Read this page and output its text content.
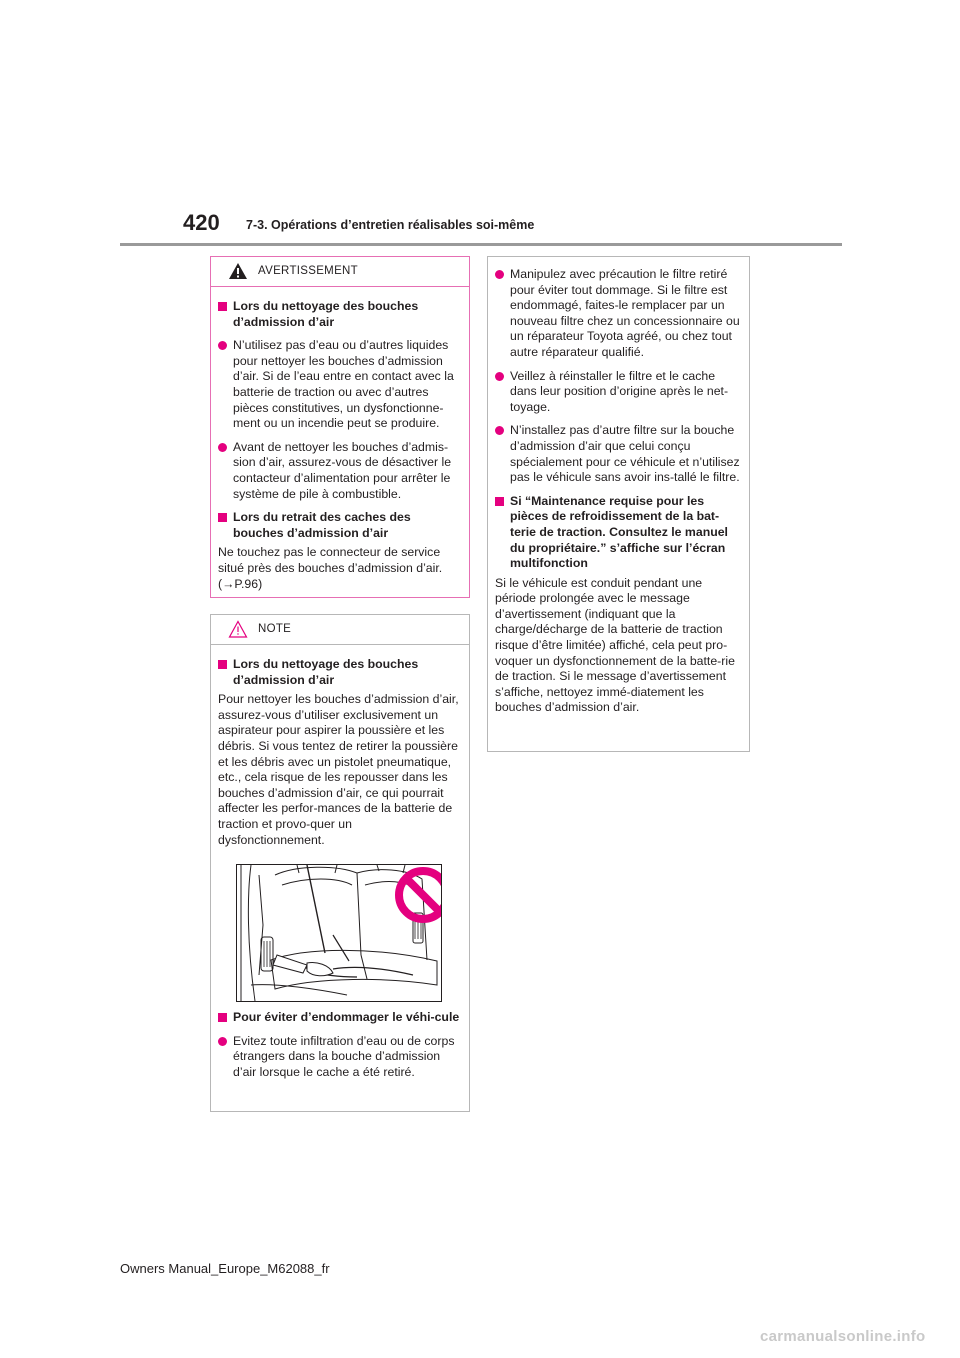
420 7-3. Opérations d’entretien réalisables soi-même
AVERTISSEMENT
Lors du nettoyage des bouches d’admission d’air
N’utilisez pas d’eau ou d’autres liquides pour nettoyer les bouches d’admission d’air. Si de l’eau entre en contact avec la batterie de traction ou avec d’autres pièces constitutives, un dysfonctionne-ment ou un incendie peut se produire.
Avant de nettoyer les bouches d’admis-sion d’air, assurez-vous de désactiver le contacteur d’alimentation pour arrêter le système de pile à combustible.
Lors du retrait des caches des bouches d’admission d’air
Ne touchez pas le connecteur de service situé près des bouches d’admission d’air. (→P.96)
NOTE
Lors du nettoyage des bouches d’admission d’air
Pour nettoyer les bouches d’admission d’air, assurez-vous d’utiliser exclusivement un aspirateur pour aspirer la poussière et les débris. Si vous tentez de retirer la poussière et les débris avec un pistolet pneumatique, etc., cela risque de les repousser dans les bouches d’admission d’air, ce qui pourrait affecter les perfor-mances de la batterie de traction et provo-quer un dysfonctionnement.
Pour éviter d’endommager le véhi-cule
Evitez toute infiltration d’eau ou de corps étrangers dans la bouche d’admission d’air lorsque le cache a été retiré.
Manipulez avec précaution le filtre retiré pour éviter tout dommage. Si le filtre est endommagé, faites-le remplacer par un nouveau filtre chez un concessionnaire ou un réparateur Toyota agréé, ou chez tout autre réparateur qualifié.
Veillez à réinstaller le filtre et le cache dans leur position d’origine après le net-toyage.
N’installez pas d’autre filtre sur la bouche d’admission d’air que celui conçu spécialement pour ce véhicule et n’utilisez pas le véhicule sans avoir ins-tallé le filtre.
Si “Maintenance requise pour les pièces de refroidissement de la bat-terie de traction. Consultez le manuel du propriétaire.” s’affiche sur l’écran multifonction
Si le véhicule est conduit pendant une période prolongée avec le message d’avertissement (indiquant que la charge/décharge de la batterie de traction risque d’être limitée) affiché, cela peut pro-voquer un dysfonctionnement de la batte-rie de traction. Si le message d’avertissement s’affiche, nettoyez immé-diatement les bouches d’admission d’air.
Owners Manual_Europe_M62088_fr
carmanualsonline.info
